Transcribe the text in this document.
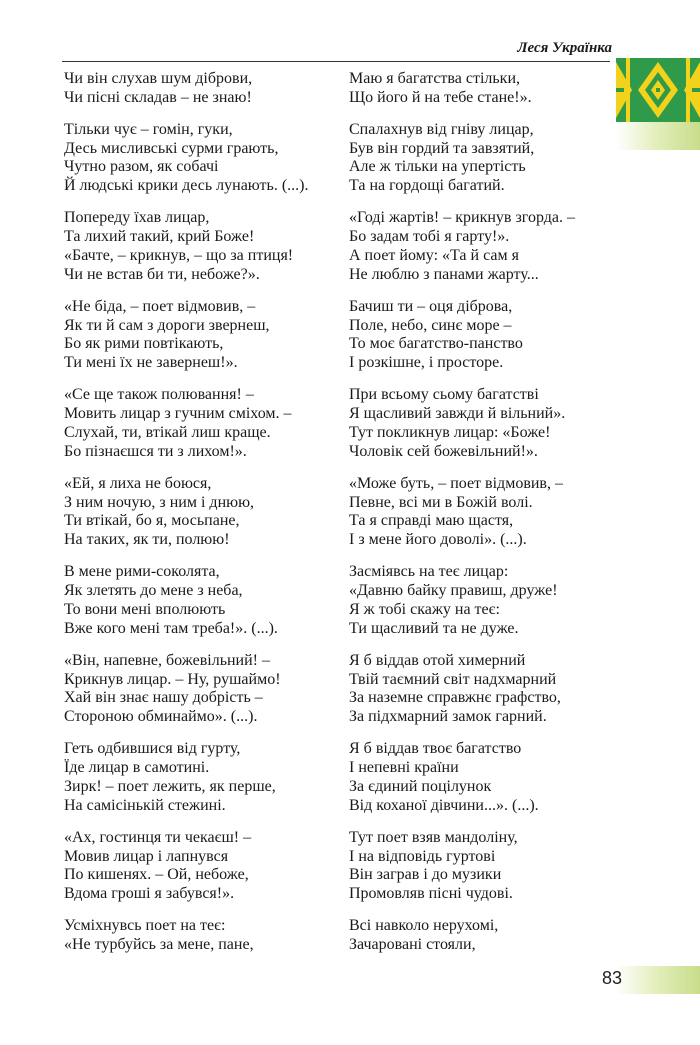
Леся Українка
Чи він слухав шум діброви,
Чи пісні складав – не знаю!
Тільки чує – гомін, гуки,
Десь мисливські сурми грають,
Чутно разом, як собачі
Й людські крики десь лунають. (...).
Попереду їхав лицар,
Та лихий такий, крий Боже!
«Бачте, – крикнув, – що за птиця!
Чи не встав би ти, небоже?».
«Не біда, – поет відмовив, –
Як ти й сам з дороги звернеш,
Бо як рими повтікають,
Ти мені їх не завернеш!».
«Се ще також полювання! –
Мовить лицар з гучним сміхом. –
Слухай, ти, втікай лиш краще.
Бо пізнаєшся ти з лихом!».
«Ей, я лиха не боюся,
З ним ночую, з ним і днюю,
Ти втікай, бо я, мосьпане,
На таких, як ти, полюю!
В мене рими-соколята,
Як злетять до мене з неба,
То вони мені вполюють
Вже кого мені там треба!». (...).
«Він, напевне, божевільний! –
Крикнув лицар. – Ну, рушаймо!
Хай він знає нашу добрість –
Стороною обминаймо». (...).
Геть одбившися від гурту,
Їде лицар в самотині.
Зирк! – поет лежить, як перше,
На самісінькій стежині.
«Ах, гостинця ти чекаєш! –
Мовив лицар і лапнувся
По кишенях. – Ой, небоже,
Вдома гроші я забувся!».
Усміхнувсь поет на теє:
«Не турбуйсь за мене, пане,
Маю я багатства стільки,
Що його й на тебе стане!».
Спалахнув від гніву лицар,
Був він гордий та завзятий,
Але ж тільки на упертість
Та на гордощі багатий.
«Годі жартів! – крикнув згорда. –
Бо задам тобі я гарту!».
А поет йому: «Та й сам я
Не люблю з панами жарту...
Бачиш ти – оця діброва,
Поле, небо, синє море –
То моє багатство-панство
І розкішне, і просторе.
При всьому сьому багатстві
Я щасливий завжди й вільний».
Тут покликнув лицар: «Боже!
Чоловік сей божевільний!».
«Може буть, – поет відмовив, –
Певне, всі ми в Божій волі.
Та я справді маю щастя,
І з мене його доволі». (...).
Засміявсь на теє лицар:
«Давню байку правиш, друже!
Я ж тобі скажу на теє:
Ти щасливий та не дуже.
Я б віддав отой химерний
Твій таємний світ надхмарний
За наземне справжнє графство,
За підхмарний замок гарний.
Я б віддав твоє багатство
І непевні країни
За єдиний поцілунок
Від коханої дівчини...». (...).
Тут поет взяв мандоліну,
І на відповідь гуртові
Він заграв і до музики
Промовляв пісні чудові.
Всі навколо нерухомі,
Зачаровані стояли,
83
